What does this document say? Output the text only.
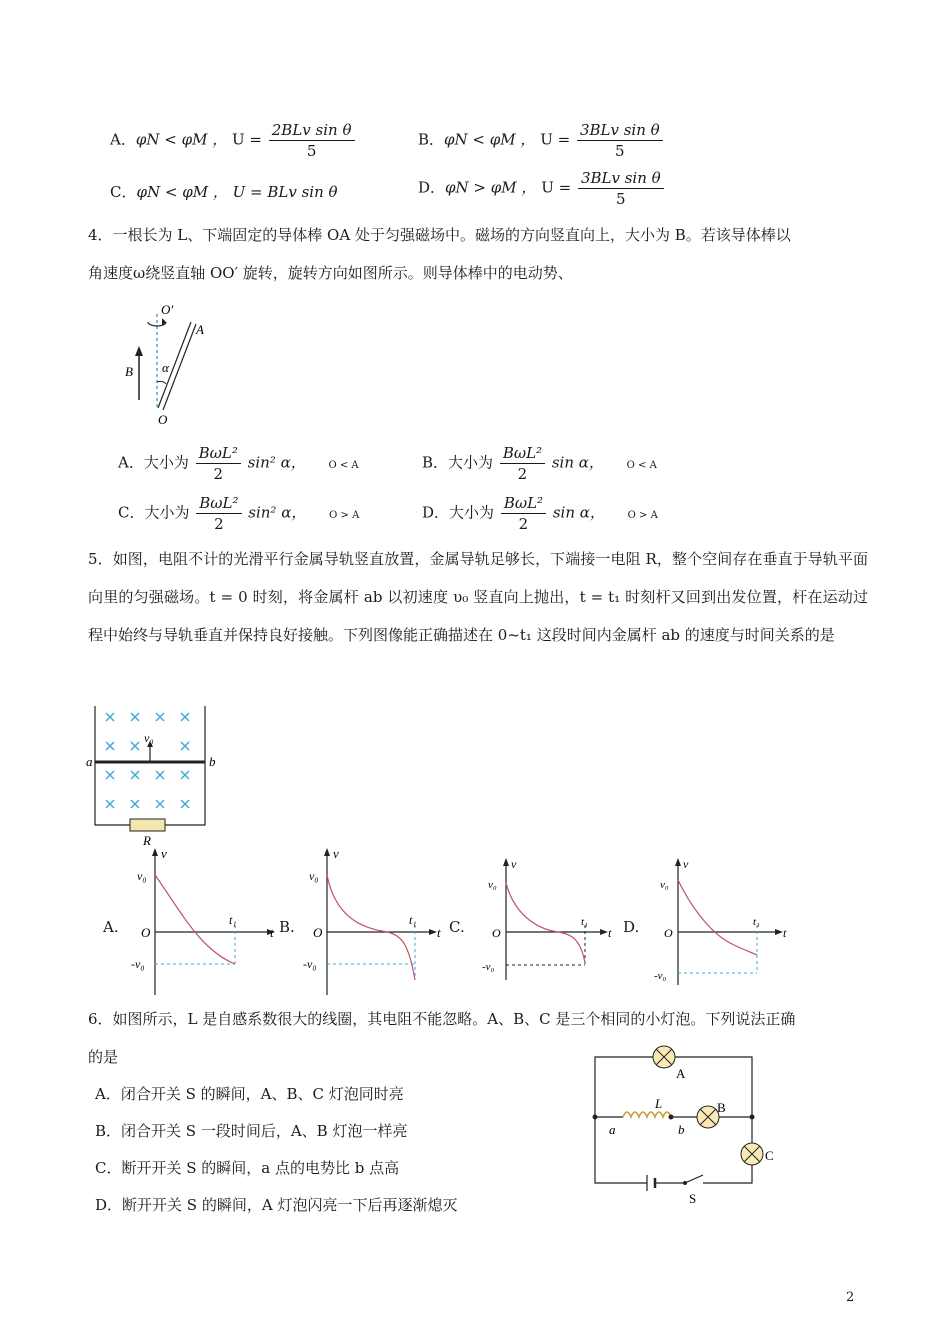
A．φN < φM ， $U = \frac{\text{2BLv sin θ}}{5}$	B．φN < φM ， $U = \frac{\text{3BLv sin θ}}{5}$
C．φN < φM ， U = BLv sin θ	D．φN > φM ， $U = \frac{\text{3BLv sin θ}}{5}$
4．一根长为 L、下端固定的导体棒 OA 处于匀强磁场中。磁场的方向竖直向上，大小为 B。若该导体棒以
角速度ω绕竖直轴 OO′ 旋转，旋转方向如图所示。则导体棒中的电动势、
O′
A
O
B α
A．大小为 $\frac{\text{BωL²}}{2} \sin^2$ α， O < A	B．大小为 $\frac{\text{BωL²}}{2}$ sin α， O < A
C．大小为 $\frac{\text{BωL²}}{2} \sin^2$ α， O > A	D．大小为 $\frac{\text{BωL²}}{2}$ sin α， O > A
5．如图，电阻不计的光滑平行金属导轨竖直放置，金属导轨足够长，下端接一电阻 R，整个空间存在垂直于导轨平面向里的匀强磁场。t = 0 时刻，将金属杆 ab 以初速度 υ₀ 竖直向上抛出，t = t₁ 时刻杆又回到出发位置，杆在运动过程中始终与导轨垂直并保持良好接触。下列图像能正确描述在 0~t₁ 这段时间内金属杆 ab 的速度与时间关系的是
v₀
a	b
R
A.
v
t
O
v₀
-v₀
t₁	B.
v
t
O
v₀
-v₀
t₁ C.
v
t
O
v₀
-v₀
t₁ D.
v
t
O
v₀
-v₀
t₁
6．如图所示，L 是自感系数很大的线圈，其电阻不能忽略。A、B、C 是三个相同的小灯泡。下列说法正确
的是
A．闭合开关 S 的瞬间，A、B、C 灯泡同时亮
B．闭合开关 S 一段时间后，A、B 灯泡一样亮
C．断开开关 S 的瞬间，a 点的电势比 b 点高
D．断开开关 S 的瞬间，A 灯泡闪亮一下后再逐渐熄灭
A
B
C
L
a	b
S
2
